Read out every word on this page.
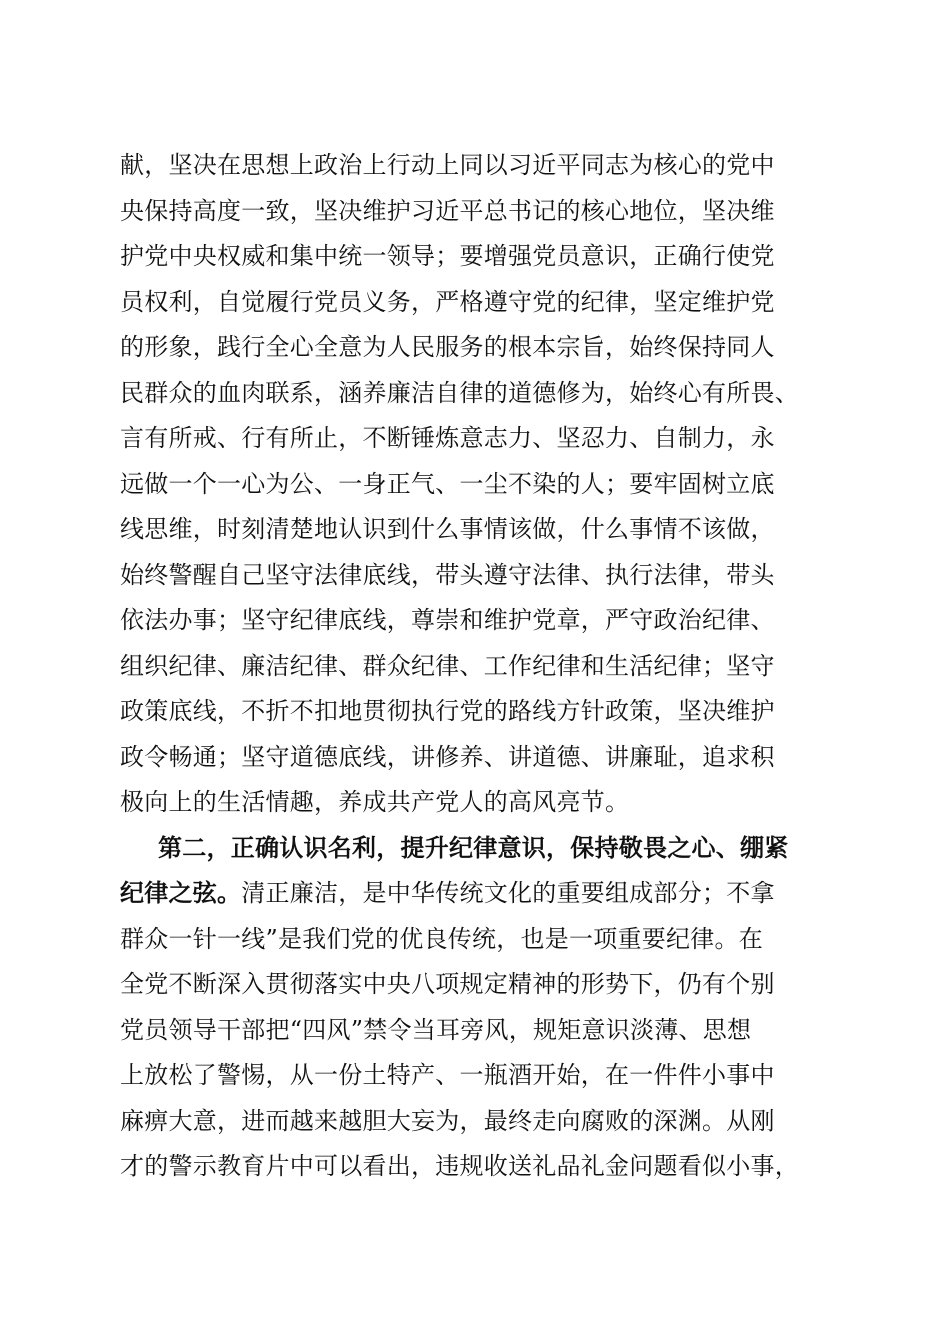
献，坚决在思想上政治上行动上同以习近平同志为核心的党中
央保持高度一致，坚决维护习近平总书记的核心地位，坚决维
护党中央权威和集中统一领导；要增强党员意识，正确行使党
员权利，自觉履行党员义务，严格遵守党的纪律，坚定维护党
的形象，践行全心全意为人民服务的根本宗旨，始终保持同人
民群众的血肉联系，涵养廉洁自律的道德修为，始终心有所畏、
言有所戒、行有所止，不断锤炼意志力、坚忍力、自制力，永
远做一个一心为公、一身正气、一尘不染的人；要牢固树立底
线思维，时刻清楚地认识到什么事情该做，什么事情不该做，
始终警醒自己坚守法律底线，带头遵守法律、执行法律，带头
依法办事；坚守纪律底线，尊崇和维护党章，严守政治纪律、
组织纪律、廉洁纪律、群众纪律、工作纪律和生活纪律；坚守
政策底线，不折不扣地贯彻执行党的路线方针政策，坚决维护
政令畅通；坚守道德底线，讲修养、讲道德、讲廉耻，追求积
极向上的生活情趣，养成共产党人的高风亮节。
第二，正确认识名利，提升纪律意识，保持敬畏之心、绷紧
纪律之弦。清正廉洁，是中华传统文化的重要组成部分；不拿
群众一针一线”是我们党的优良传统，也是一项重要纪律。在
全党不断深入贯彻落实中央八项规定精神的形势下，仍有个别
党员领导干部把“四风”禁令当耳旁风，规矩意识淡薄、思想
上放松了警惕，从一份土特产、一瓶酒开始，在一件件小事中
麻痹大意，进而越来越胆大妄为，最终走向腐败的深渊。从刚
才的警示教育片中可以看出，违规收送礼品礼金问题看似小事，
